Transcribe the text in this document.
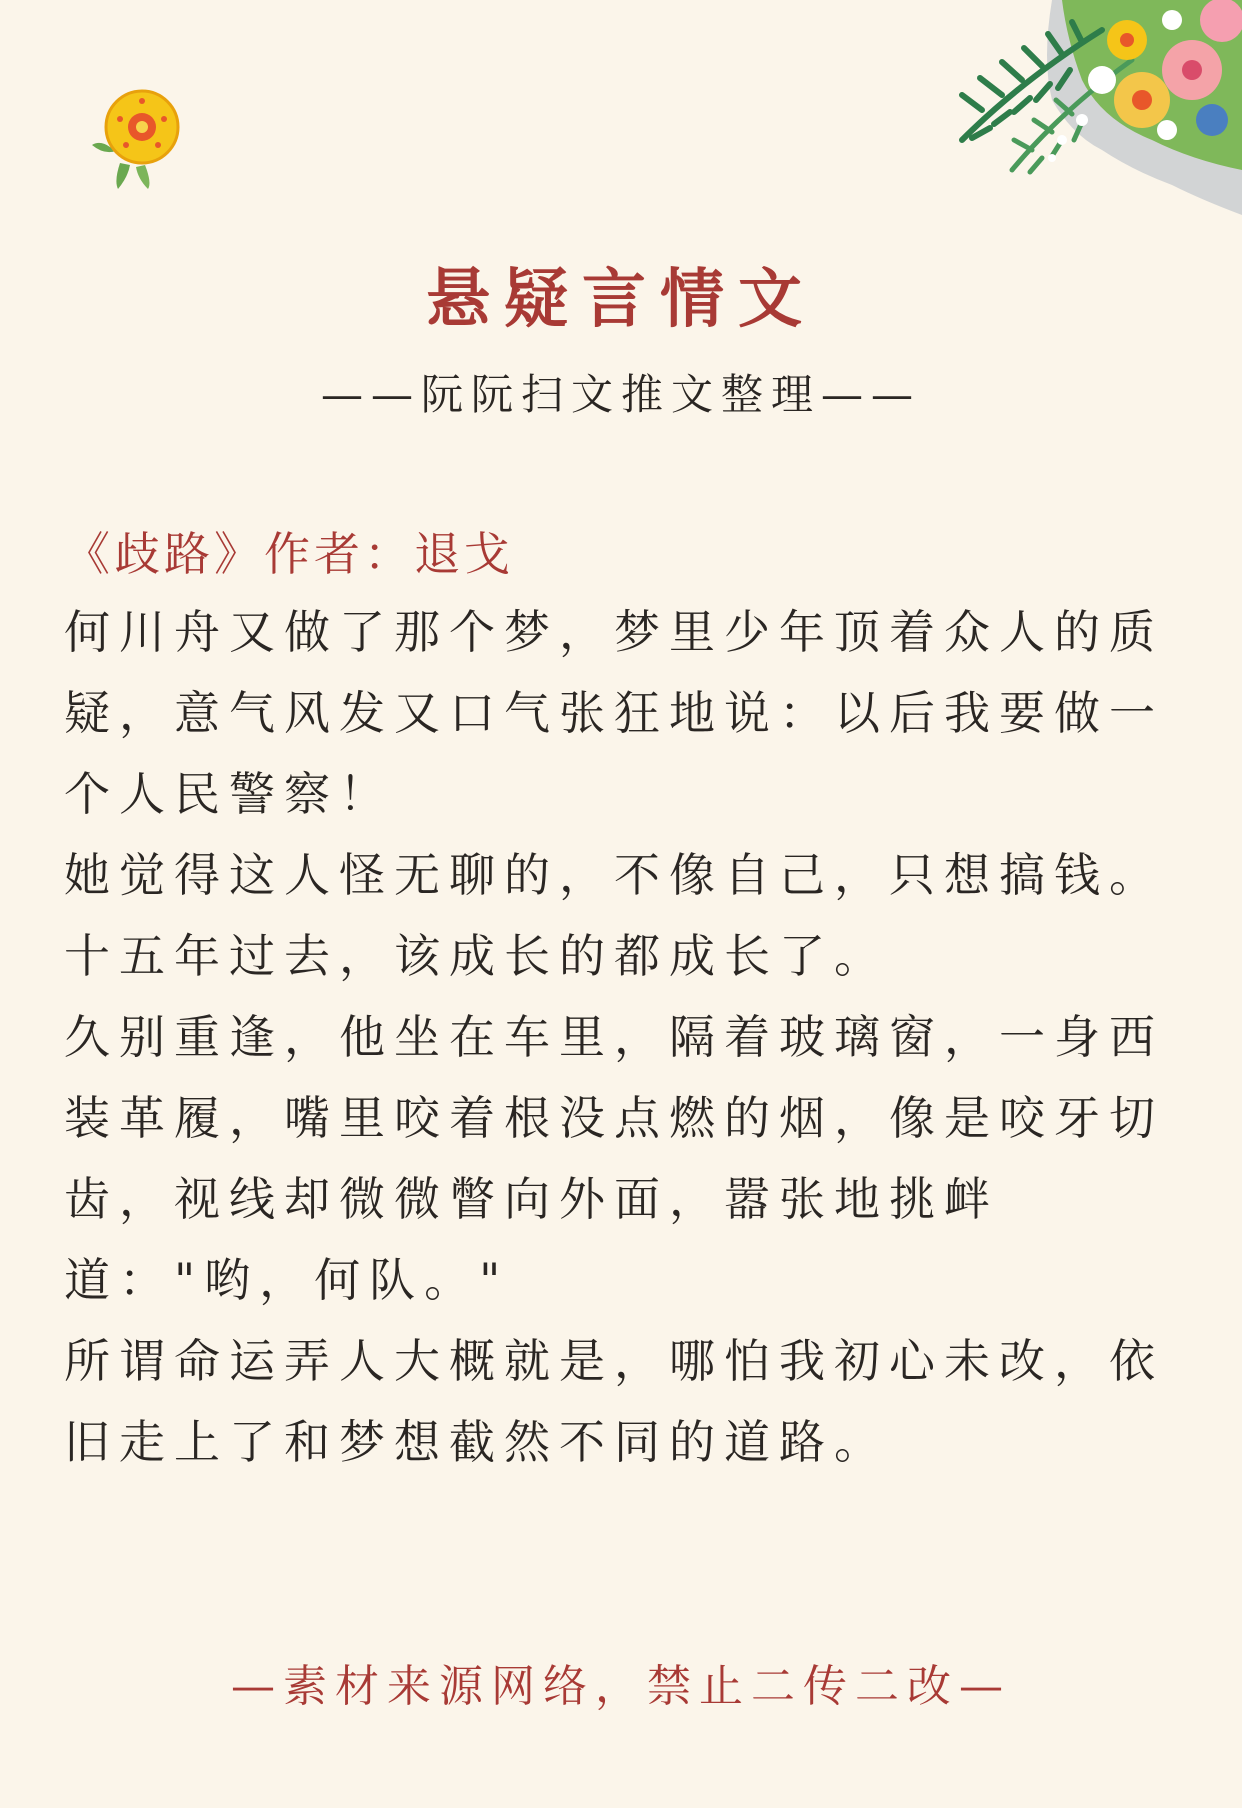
悬疑言情文
——阮阮扫文推文整理——
《歧路》作者：退戈

何川舟又做了那个梦，梦里少年顶着众人的质疑，意气风发又口气张狂地说：以后我要做一个人民警察！

她觉得这人怪无聊的，不像自己，只想搞钱。

十五年过去，该成长的都成长了。

久别重逢，他坐在车里，隔着玻璃窗，一身西装革履，嘴里咬着根没点燃的烟，像是咬牙切齿，视线却微微瞥向外面，嚣张地挑衅道："哟，何队。"

所谓命运弄人大概就是，哪怕我初心未改，依旧走上了和梦想截然不同的道路。

—素材来源网络，禁止二传二改—
